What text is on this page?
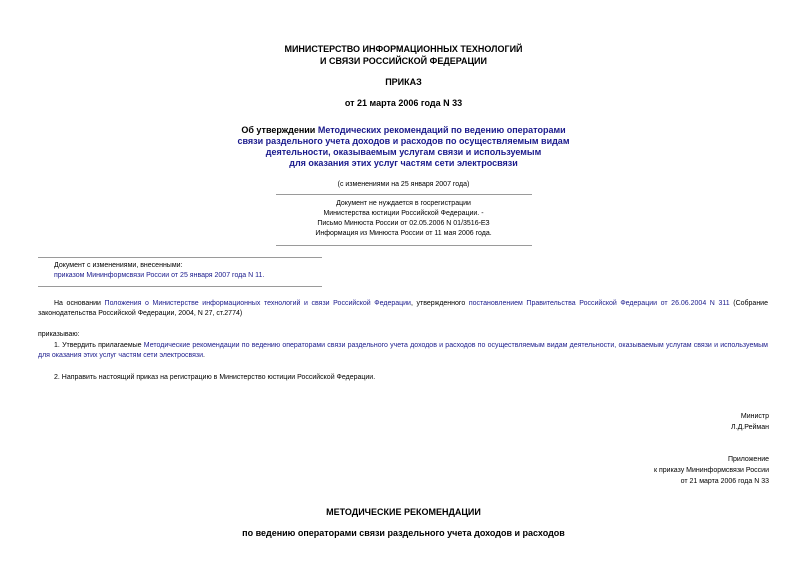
МИНИСТЕРСТВО ИНФОРМАЦИОННЫХ ТЕХНОЛОГИЙ
И СВЯЗИ РОССИЙСКОЙ ФЕДЕРАЦИИ
ПРИКАЗ
от 21 марта 2006 года N 33
Об утверждении Методических рекомендаций по ведению операторами
связи раздельного учета доходов и расходов по осуществляемым видам
деятельности, оказываемым услугам связи и используемым
для оказания этих услуг частям сети электросвязи
(с изменениями на 25 января 2007 года)
Документ не нуждается в госрегистрации
Министерства юстиции Российской Федерации. -
Письмо Минюста России от 02.05.2006 N 01/3516-ЕЗ
Информация из Минюста России от 11 мая 2006 года.
Документ с изменениями, внесенными:
приказом Мининформсвязи России от 25 января 2007 года N 11.
На основании Положения о Министерстве информационных технологий и связи Российской Федерации, утвержденного постановлением Правительства Российской Федерации от 26.06.2004 N 311 (Собрание законодательства Российской Федерации, 2004, N 27, ст.2774)
приказываю:
1. Утвердить прилагаемые Методические рекомендации по ведению операторами связи раздельного учета доходов и расходов по осуществляемым видам деятельности, оказываемым услугам связи и используемым для оказания этих услуг частям сети электросвязи.
2. Направить настоящий приказ на регистрацию в Министерство юстиции Российской Федерации.
Министр
Л.Д.Рейман
Приложение
к приказу Мининформсвязи России
от 21 марта 2006 года N 33
МЕТОДИЧЕСКИЕ РЕКОМЕНДАЦИИ
по ведению операторами связи раздельного учета доходов и расходов
